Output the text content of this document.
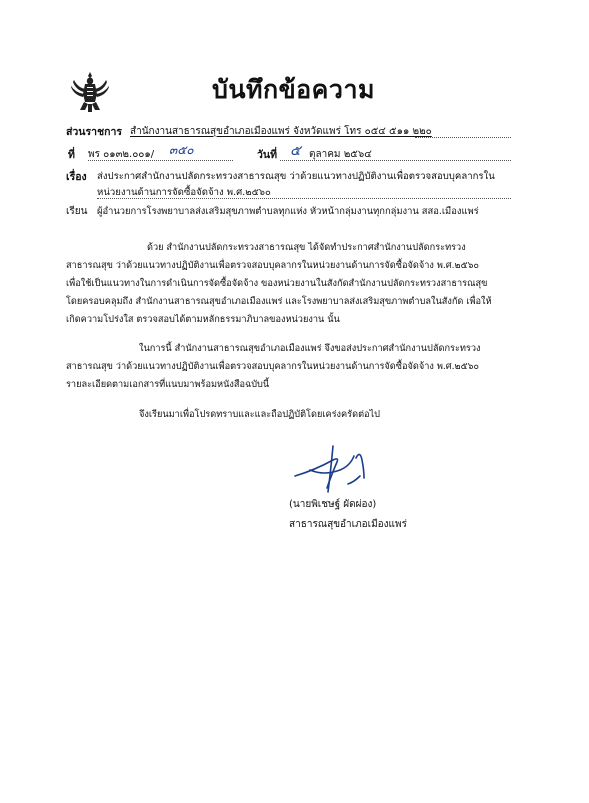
บันทึกข้อความ
ส่วนราชการ สำนักงานสาธารณสุขอำเภอเมืองแพร่ จังหวัดแพร่ โทร ๐๕๔ ๕๑๑ ๒๒๐
ที่ พร ๐๑๓๒.๐๐๑/ ๓๕๐	วันที่ ๕ ตุลาคม ๒๕๖๔
เรื่อง ส่งประกาศสำนักงานปลัดกระทรวงสาธารณสุข ว่าด้วยแนวทางปฏิบัติงานเพื่อตรวจสอบบุคลากรใน
หน่วยงานด้านการจัดซื้อจัดจ้าง พ.ศ.๒๕๖๐
เรียน ผู้อำนวยการโรงพยาบาลส่งเสริมสุขภาพตำบลทุกแห่ง หัวหน้ากลุ่มงานทุกกลุ่มงาน สสอ.เมืองแพร่
ด้วย สำนักงานปลัดกระทรวงสาธารณสุข ได้จัดทำประกาศสำนักงานปลัดกระทรวง
สาธารณสุข ว่าด้วยแนวทางปฏิบัติงานเพื่อตรวจสอบบุคลากรในหน่วยงานด้านการจัดซื้อจัดจ้าง พ.ศ.๒๕๖๐
เพื่อใช้เป็นแนวทางในการดำเนินการจัดซื้อจัดจ้าง ของหน่วยงานในสังกัดสำนักงานปลัดกระทรวงสาธารณสุข
โดยครอบคลุมถึง สำนักงานสาธารณสุขอำเภอเมืองแพร่ และโรงพยาบาลส่งเสริมสุขภาพตำบลในสังกัด เพื่อให้
เกิดความโปร่งใส ตรวจสอบได้ตามหลักธรรมาภิบาลของหน่วยงาน นั้น
ในการนี้ สำนักงานสาธารณสุขอำเภอเมืองแพร่ จึงขอส่งประกาศสำนักงานปลัดกระทรวง
สาธารณสุข ว่าด้วยแนวทางปฏิบัติงานเพื่อตรวจสอบบุคลากรในหน่วยงานด้านการจัดซื้อจัดจ้าง พ.ศ.๒๕๖๐
รายละเอียดตามเอกสารที่แนบมาพร้อมหนังสือฉบับนี้
จึงเรียนมาเพื่อโปรดทราบและและถือปฏิบัติโดยเคร่งครัดต่อไป
(นายพิเชษฐ์ ผัดผ่อง)
สาธารณสุขอำเภอเมืองแพร่
